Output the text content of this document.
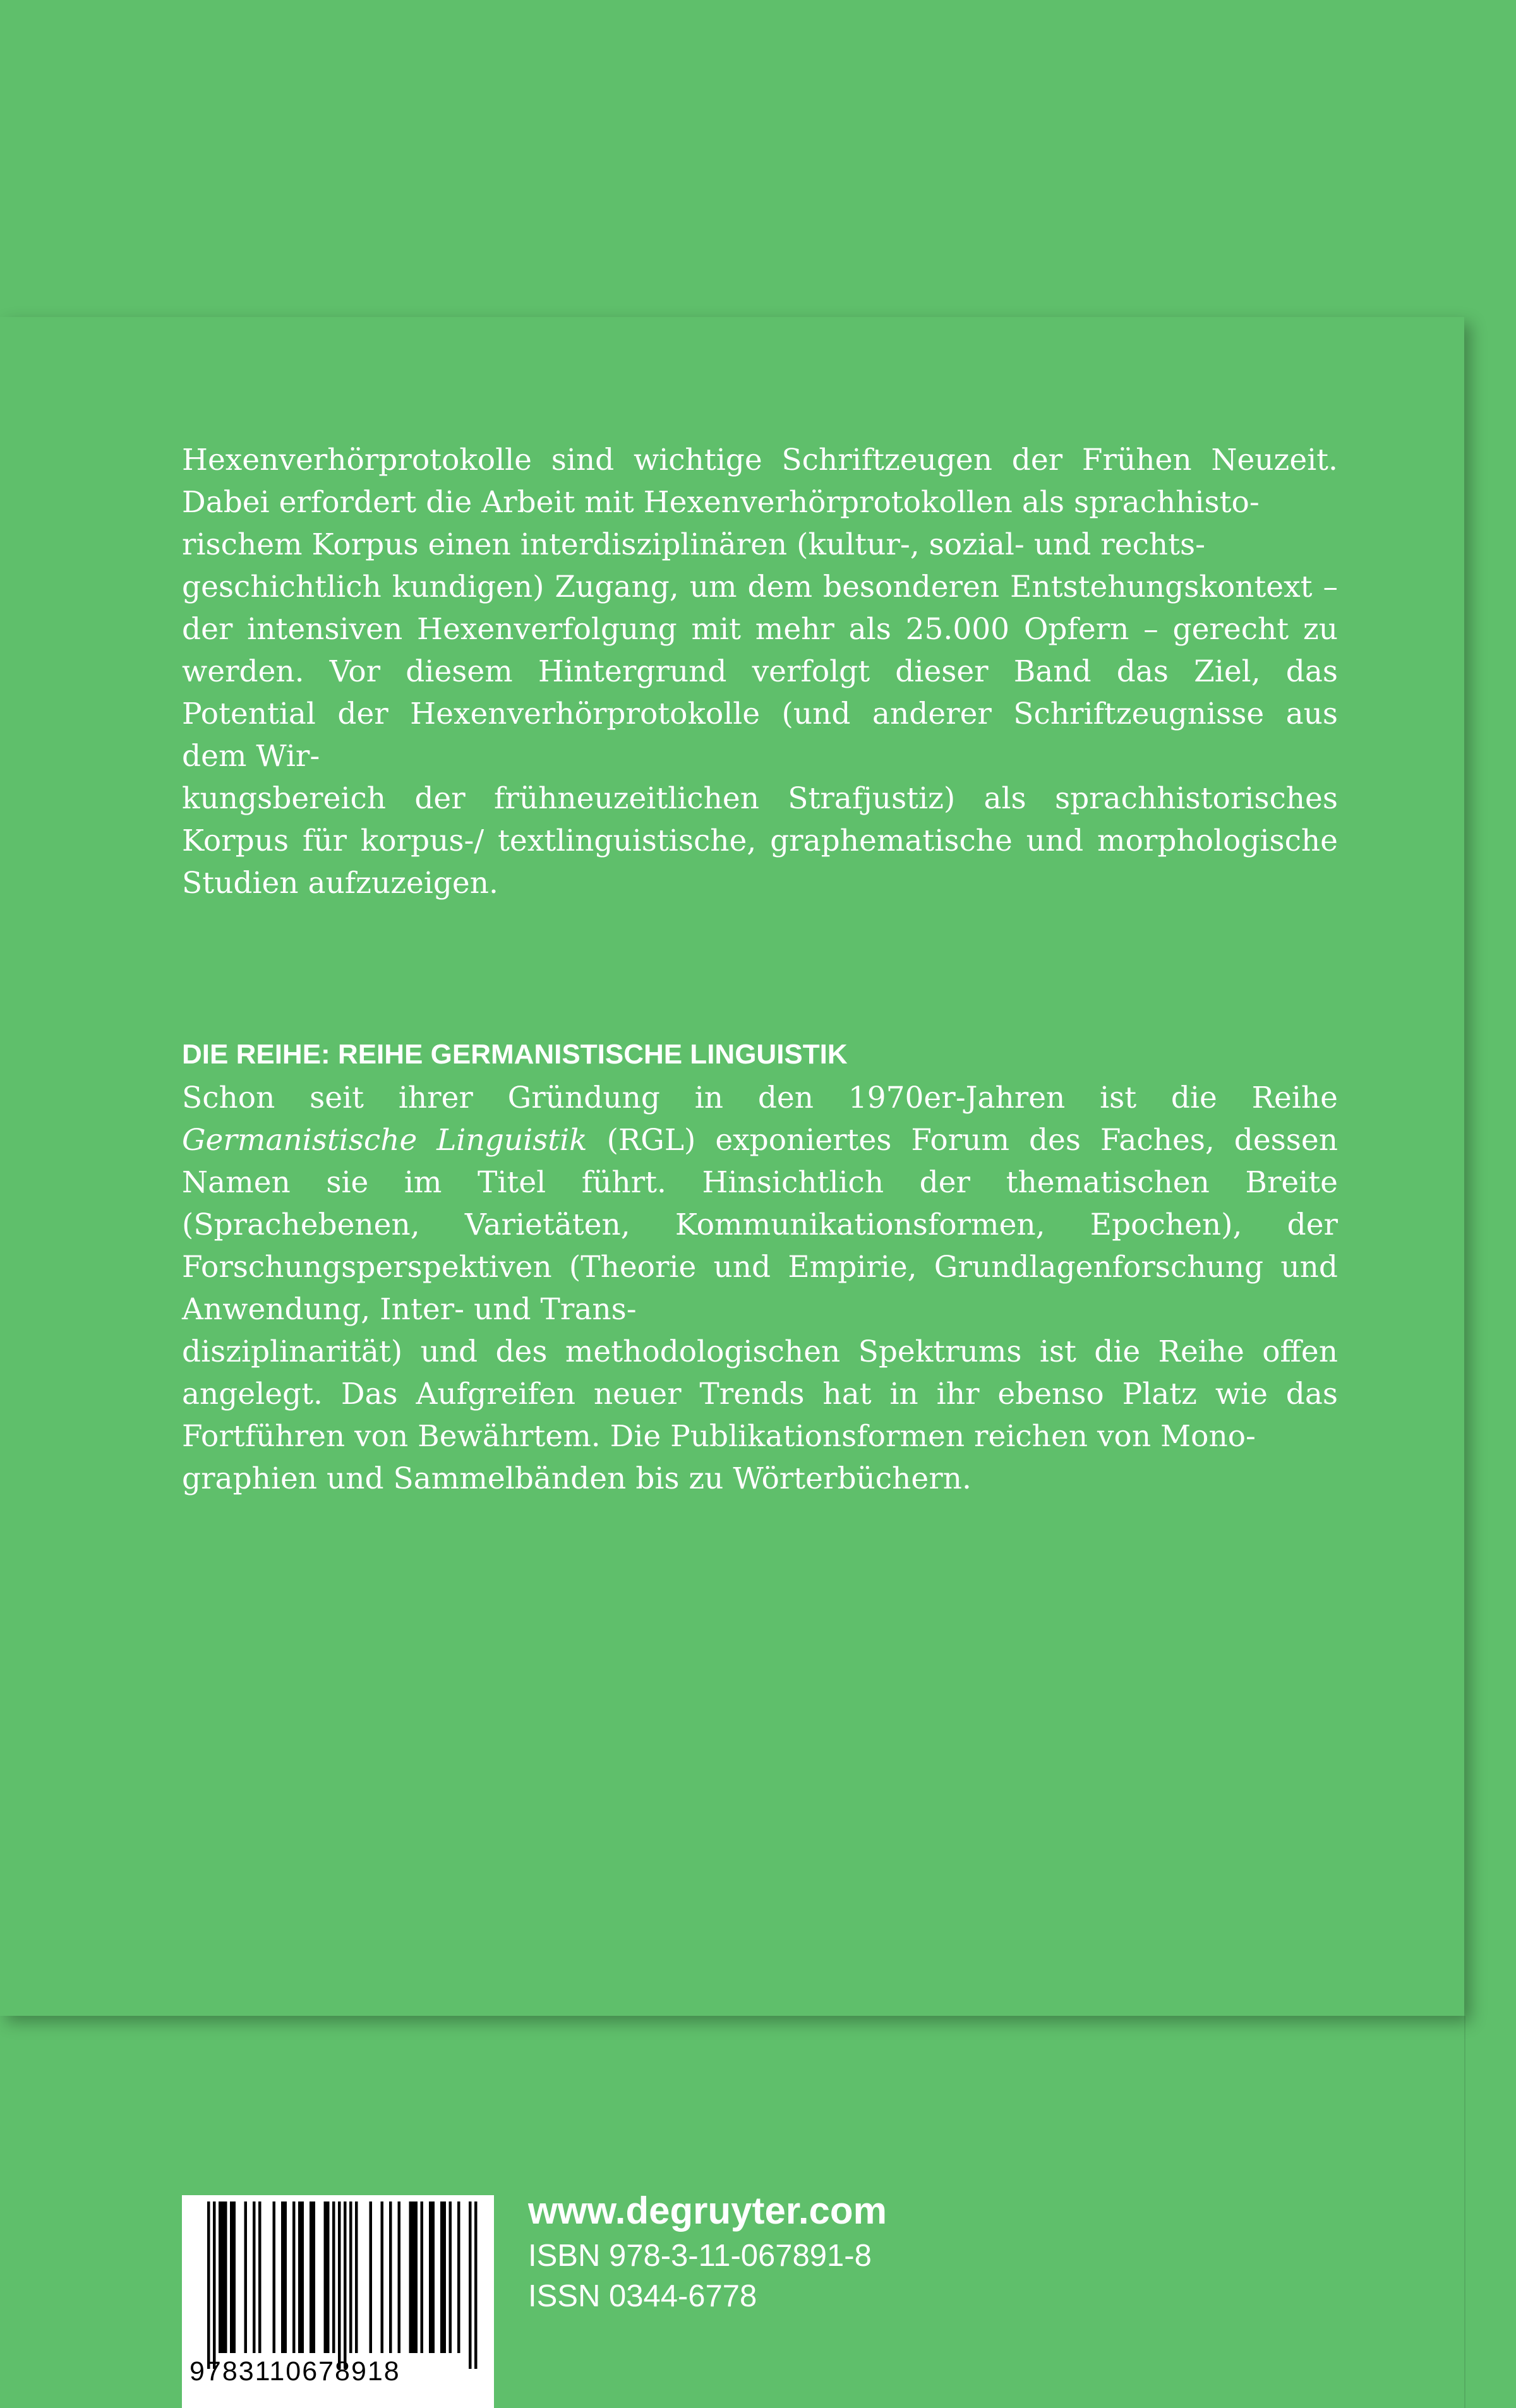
Hexenverhörprotokolle sind wichtige Schriftzeugen der Frühen Neuzeit. Dabei erfordert die Arbeit mit Hexenverhörprotokollen als sprachhisto-
rischem Korpus einen interdisziplinären (kultur-, sozial- und rechts-
geschichtlich kundigen) Zugang, um dem besonderen Entstehungskontext – der intensiven Hexenverfolgung mit mehr als 25.000 Opfern – gerecht zu werden. Vor diesem Hintergrund verfolgt dieser Band das Ziel, das Potential der Hexenverhörprotokolle (und anderer Schriftzeugnisse aus dem Wir-
kungsbereich der frühneuzeitlichen Strafjustiz) als sprachhistorisches Korpus für korpus-/ textlinguistische, graphematische und morphologische Studien aufzuzeigen.

DIE REIHE: REIHE GERMANISTISCHE LINGUISTIK

Schon seit ihrer Gründung in den 1970er-Jahren ist die Reihe Germanistische Linguistik (RGL) exponiertes Forum des Faches, dessen Namen sie im Titel führt. Hinsichtlich der thematischen Breite (Sprachebenen, Varietäten, Kommunikationsformen, Epochen), der Forschungsperspektiven (Theorie und Empirie, Grundlagenforschung und Anwendung, Inter- und Trans-
disziplinarität) und des methodologischen Spektrums ist die Reihe offen angelegt. Das Aufgreifen neuer Trends hat in ihr ebenso Platz wie das Fortführen von Bewährtem. Die Publikationsformen reichen von Mono-
graphien und Sammelbänden bis zu Wörterbüchern.

9783110678918
www.degruyter.com
ISBN 978-3-11-067891-8
ISSN 0344-6778
